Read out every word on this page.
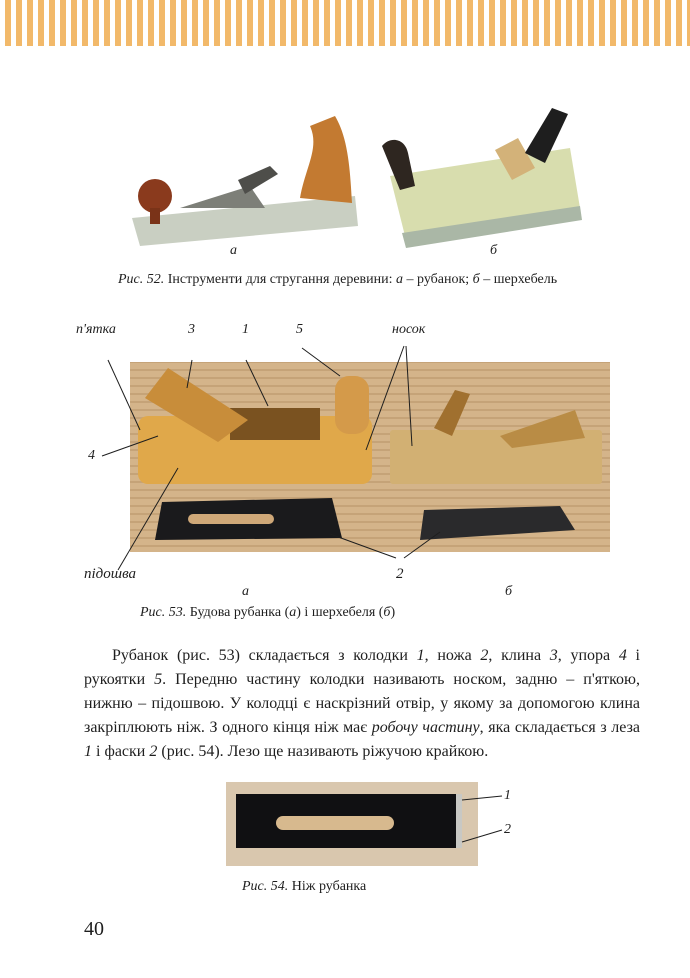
а	б
Рис. 52. Інструменти для стругання деревини: а – рубанок; б – шерхебель
п'ятка	3	1	5	носок
4
підошва	2
а	б
Рис. 53. Будова рубанка (а) і шерхебеля (б)
Рубанок (рис. 53) складається з колодки 1, ножа 2, клина 3, упора 4 і рукоятки 5. Передню частину колодки називають носком, задню – п'яткою, нижню – підошвою. У колодці є наскрізний отвір, у якому за допомогою клина закріплюють ніж. З одного кінця ніж має робочу частину, яка складається з леза 1 і фаски 2 (рис. 54). Лезо ще називають ріжучою крайкою.
1
2
Рис. 54. Ніж рубанка
40
